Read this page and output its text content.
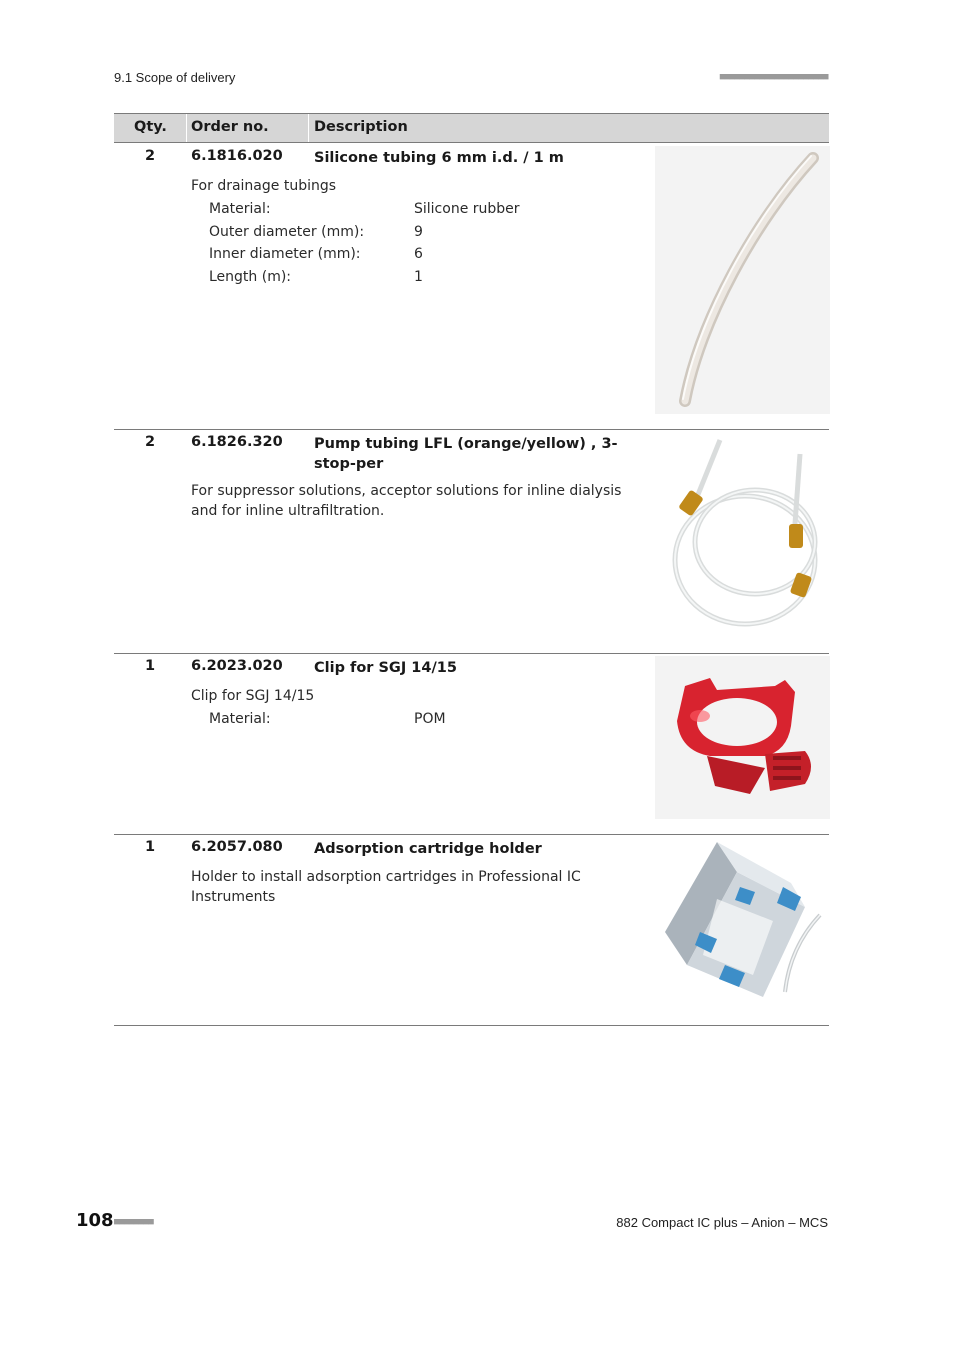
9.1 Scope of delivery	■■■■■■■■■■■■■■■■■■■■■■
Qty. Order no.	Description
2	6.1816.020 Silicone tubing 6 mm i.d. / 1 m
For drainage tubings
Material:	Silicone rubber
Outer diameter (mm):	9
Inner diameter (mm):	6
Length (m):	1
2	6.1826.320 Pump tubing LFL (orange/yellow) , 3-stop-per
For suppressor solutions, acceptor solutions for inline dialysis and for inline ultrafiltration.
1	6.2023.020 Clip for SGJ 14/15
Clip for SGJ 14/15
Material:	POM
1	6.2057.080 Adsorption cartridge holder
Holder to install adsorption cartridges in Professional IC Instruments
108 ■■■■■■■■	882 Compact IC plus – Anion – MCS
